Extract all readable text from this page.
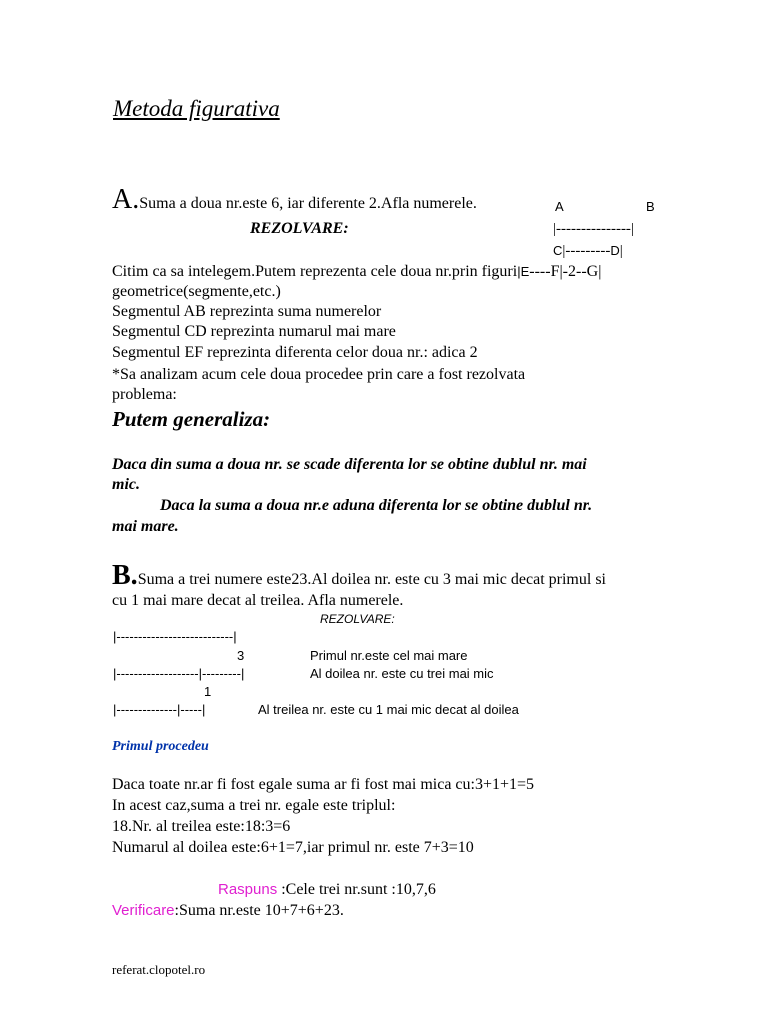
Metoda figurativa
A.Suma a doua nr.este 6, iar diferente 2.Afla numerele.
REZOLVARE:
A	B
|---------------|
C|---------D|
Citim ca sa intelegem.Putem reprezenta cele doua nr.prin figuri|E----F|-2--G|
geometrice(segmente,etc.)
Segmentul AB reprezinta suma numerelor
Segmentul CD reprezinta numarul mai mare
Segmentul EF reprezinta diferenta celor doua nr.: adica 2
*Sa analizam acum cele doua procedee prin care a fost rezolvata
problema:
Putem generaliza:
Daca din suma a doua nr. se scade diferenta lor se obtine dublul nr. mai
mic.
Daca la suma a doua nr.e aduna diferenta lor se obtine dublul nr.
mai mare.
B.Suma a trei numere este23.Al doilea nr. este cu 3 mai mic decat primul si
cu 1 mai mare decat al treilea. Afla numerele.
REZOLVARE:
|---------------------------|
3	Primul nr.este cel mai mare
|-------------------|---------|	Al doilea nr. este cu trei mai mic
1
|--------------|-----|	Al treilea nr. este cu 1 mai mic decat al doilea
Primul procedeu
Daca toate nr.ar fi fost egale suma ar fi fost mai mica cu:3+1+1=5
In acest caz,suma a trei nr. egale este triplul:
18.Nr. al treilea este:18:3=6
Numarul al doilea este:6+1=7,iar primul nr. este 7+3=10
Raspuns :Cele trei nr.sunt :10,7,6
Verificare:Suma nr.este 10+7+6+23.
referat.clopotel.ro
